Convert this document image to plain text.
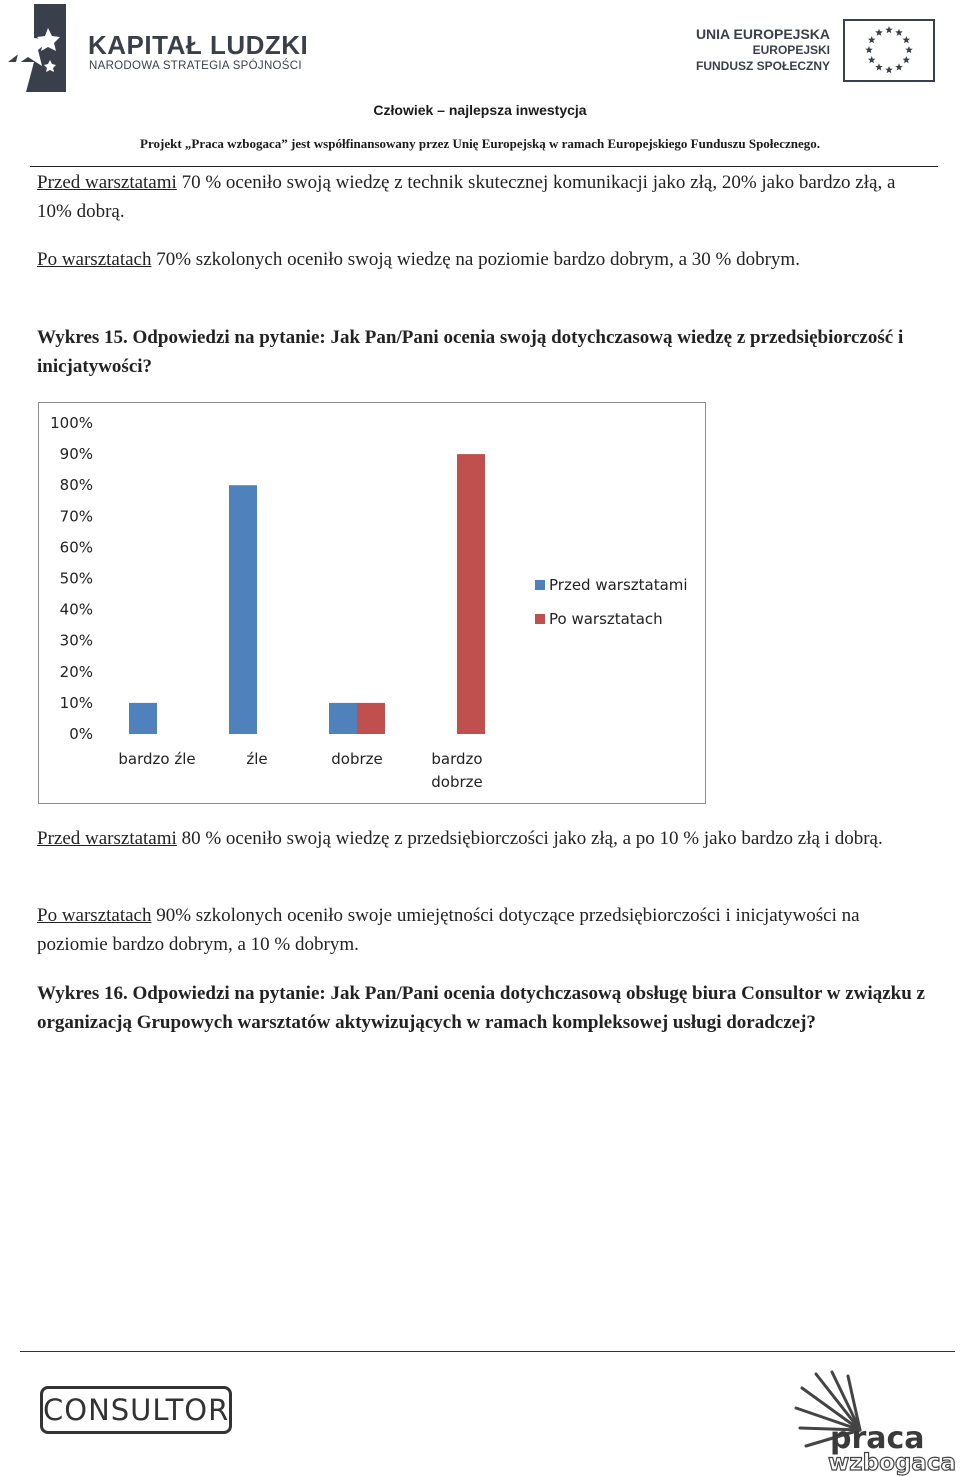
KAPITAŁ LUDZKI
NARODOWA STRATEGIA SPÓJNOŚCI
UNIA EUROPEJSKA
EUROPEJSKI
FUNDUSZ SPOŁECZNY
Człowiek – najlepsza inwestycja
Projekt „Praca wzbogaca” jest współfinansowany przez Unię Europejską w ramach Europejskiego Funduszu Społecznego.
Przed warsztatami 70 % oceniło swoją wiedzę z technik skutecznej komunikacji jako złą, 20% jako bardzo złą, a 10% dobrą.
Po warsztatach 70% szkolonych oceniło swoją wiedzę na poziomie bardzo dobrym, a 30 % dobrym.
Wykres 15. Odpowiedzi na pytanie: Jak Pan/Pani ocenia swoją dotychczasową wiedzę z przedsiębiorczość i inicjatywości?
0%
10%
20%
30%
40%
50%
60%
70%
80%
90%
100%
bardzo źle	źle	dobrze	bardzo
dobrze
Przed warsztatami
Po warsztatach
Przed warsztatami 80 % oceniło swoją wiedzę z przedsiębiorczości jako złą, a po 10 % jako bardzo złą i dobrą.
Po warsztatach 90% szkolonych oceniło swoje umiejętności dotyczące przedsiębiorczości i inicjatywości na poziomie bardzo dobrym, a 10 % dobrym.
Wykres 16. Odpowiedzi na pytanie: Jak Pan/Pani ocenia dotychczasową obsługę biura Consultor w związku z organizacją Grupowych warsztatów aktywizujących w ramach kompleksowej usługi doradczej?
CONSULTOR
praca
wzbogaca
